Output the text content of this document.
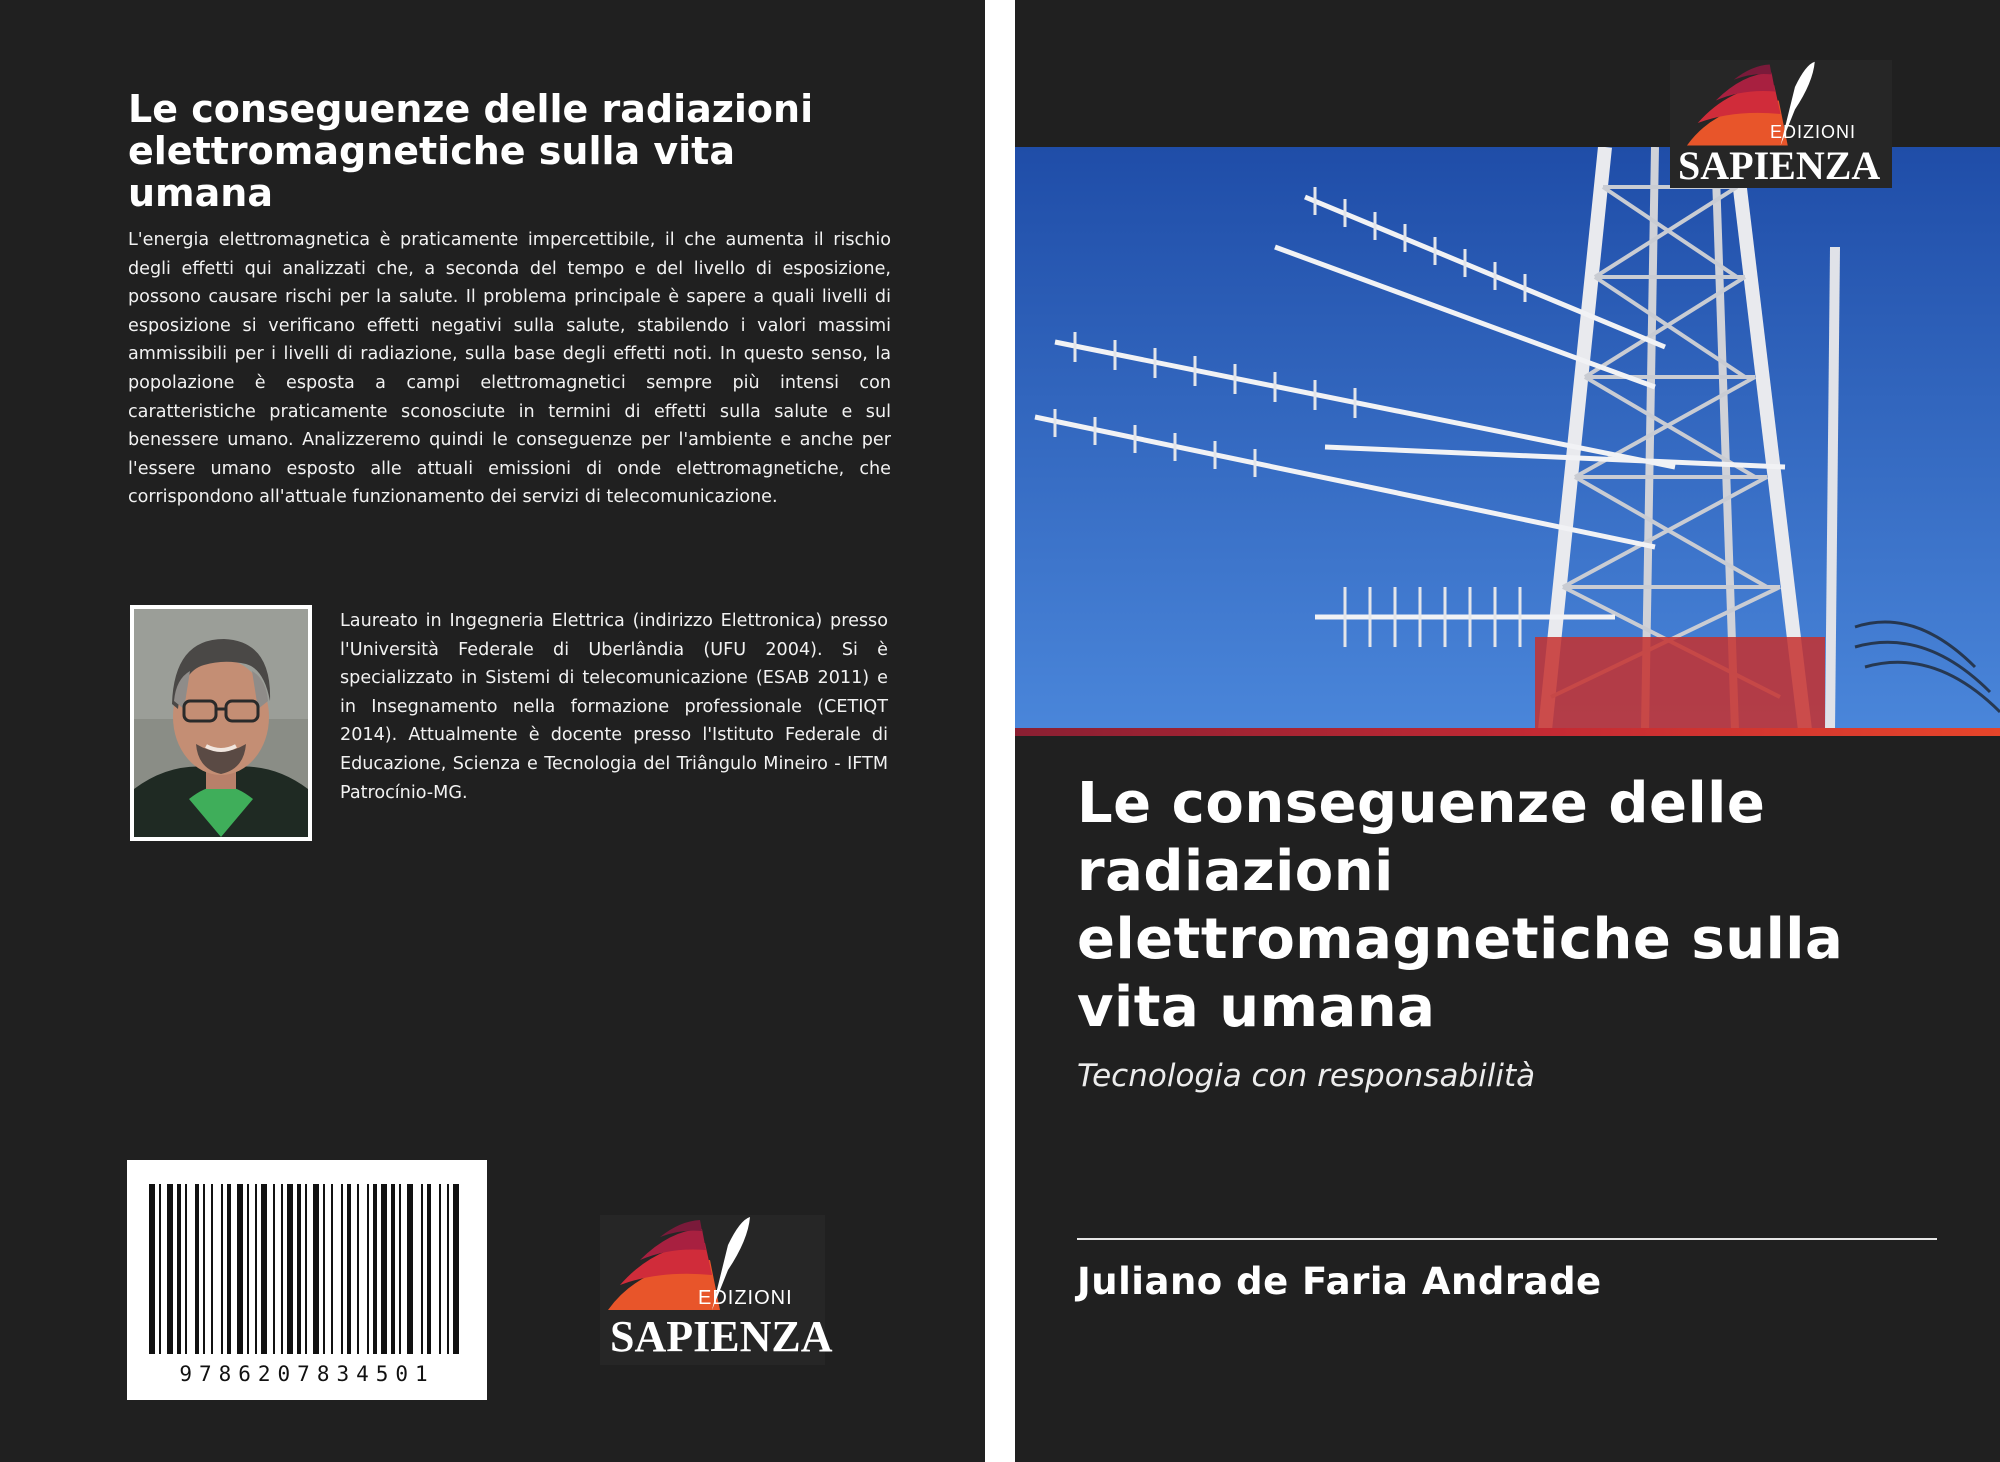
Le conseguenze delle radiazioni elettromagnetiche sulla vita umana

L'energia elettromagnetica è praticamente impercettibile, il che aumenta il rischio degli effetti qui analizzati che, a seconda del tempo e del livello di esposizione, possono causare rischi per la salute. Il problema principale è sapere a quali livelli di esposizione si verificano effetti negativi sulla salute, stabilendo i valori massimi ammissibili per i livelli di radiazione, sulla base degli effetti noti. In questo senso, la popolazione è esposta a campi elettromagnetici sempre più intensi con caratteristiche praticamente sconosciute in termini di effetti sulla salute e sul benessere umano. Analizzeremo quindi le conseguenze per l'ambiente e anche per l'essere umano esposto alle attuali emissioni di onde elettromagnetiche, che corrispondono all'attuale funzionamento dei servizi di telecomunicazione.

Laureato in Ingegneria Elettrica (indirizzo Elettronica) presso l'Università Federale di Uberlândia (UFU 2004). Si è specializzato in Sistemi di telecomunicazione (ESAB 2011) e in Insegnamento nella formazione professionale (CETIQT 2014). Attualmente è docente presso l'Istituto Federale di Educazione, Scienza e Tecnologia del Triângulo Mineiro - IFTM Patrocínio-MG.

9786207834501
EDIZIONI
SAPIENZA
EDIZIONI
SAPIENZA
Le conseguenze delle radiazioni elettromagnetiche sulla vita umana

Tecnologia con responsabilità

Juliano de Faria Andrade
